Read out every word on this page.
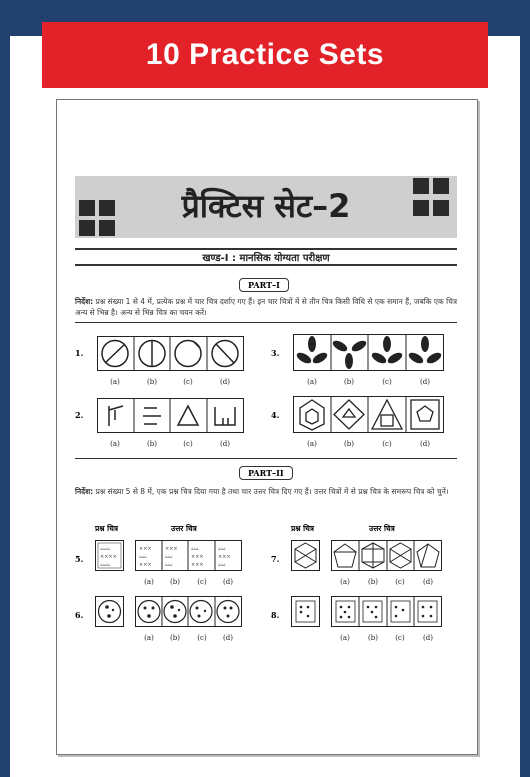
10 Practice Sets
प्रैक्टिस सेट–2
खण्ड-I : मानसिक योग्यता परीक्षण
PART–I
निर्देश: प्रश्न संख्या 1 से 4 में, प्रत्येक प्रश्न में चार चित्र दर्शाए गए हैं। इन चार चित्रों में से तीन चित्र किसी विधि से एक समान हैं, जबकि एक चित्र अन्य से भिन्न है। अन्य से भिन्न चित्र का चयन करें।
1.
(a)	(b)	(c)	(d)
3.
(a)	(b)	(c)	(d)
2.
(a)	(b)	(c)	(d)
4.
(a)	(b)	(c)	(d)
PART–II
निर्देश: प्रश्न संख्या 5 से 8 में, एक प्रश्न चित्र दिया गया है तथा चार उत्तर चित्र दिए गए हैं। उत्तर चित्रों में से प्रश्न चित्र के समरूप चित्र को चुनें।
प्रश्न चित्र	उत्तर चित्र	प्रश्न चित्र	उत्तर चित्र
5.
▵▵▵▵
××××
▵▵▵▵
×××
▵▵▵
×××
×××
▵▵▵
▵▵▵
▵▵▵
×××
×××
▵▵▵
×××
▵▵▵
(a) (b) (c) (d)
7.
(a)	(b) (c)	(d)
6.
(a) (b) (c) (d)
8.
(a)	(b) (c)	(d)
